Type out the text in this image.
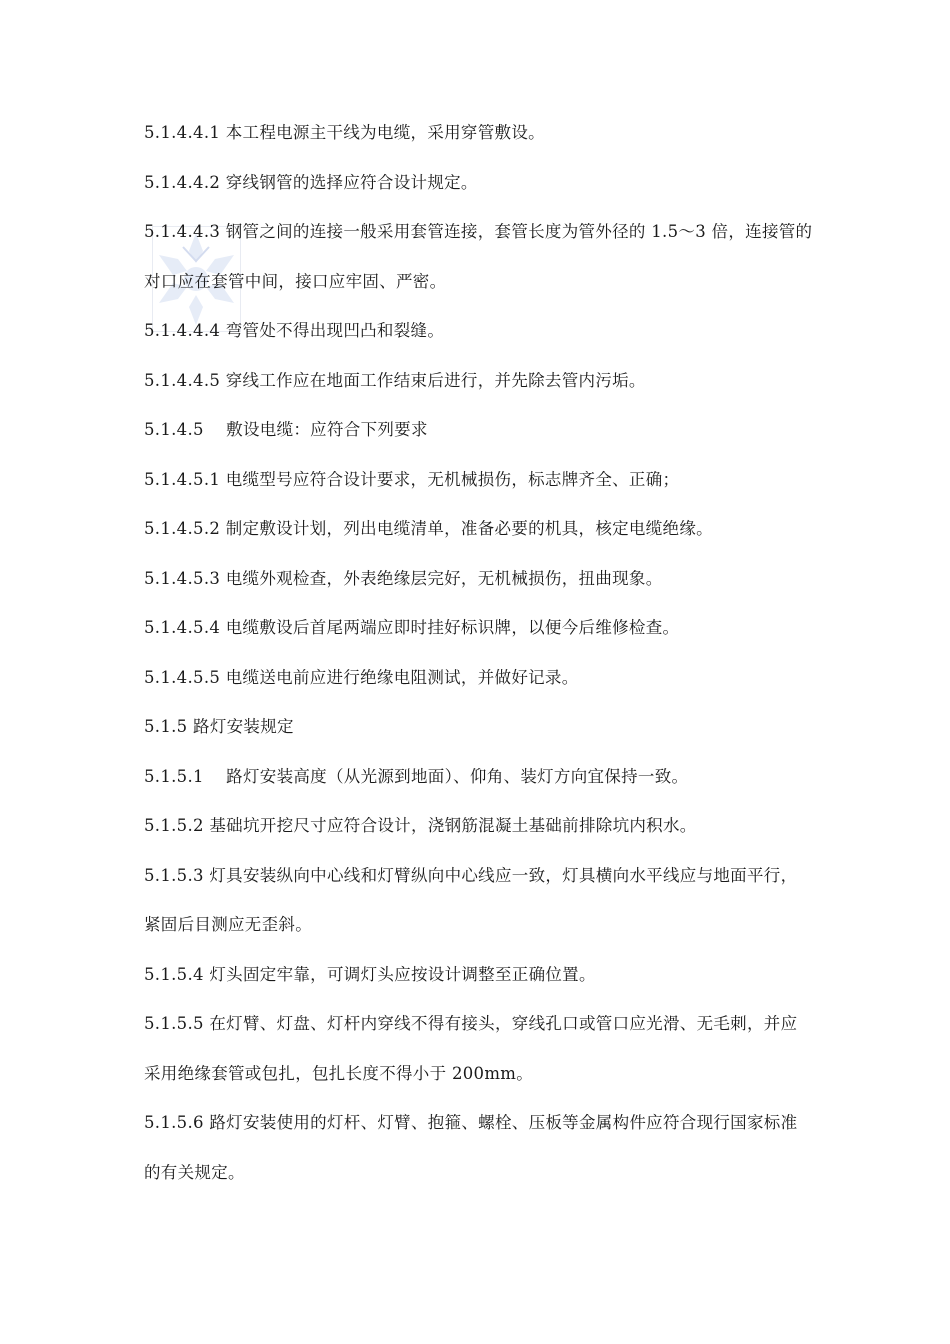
5.1.4.4.1 本工程电源主干线为电缆，采用穿管敷设。

5.1.4.4.2 穿线钢管的选择应符合设计规定。

5.1.4.4.3 钢管之间的连接一般采用套管连接，套管长度为管外径的 1.5～3 倍，连接管的对口应在套管中间，接口应牢固、严密。

5.1.4.4.4 弯管处不得出现凹凸和裂缝。

5.1.4.4.5 穿线工作应在地面工作结束后进行，并先除去管内污垢。

5.1.4.5　 敷设电缆：应符合下列要求

5.1.4.5.1 电缆型号应符合设计要求，无机械损伤，标志牌齐全、正确；

5.1.4.5.2 制定敷设计划，列出电缆清单，准备必要的机具，核定电缆绝缘。

5.1.4.5.3 电缆外观检查，外表绝缘层完好，无机械损伤，扭曲现象。

5.1.4.5.4 电缆敷设后首尾两端应即时挂好标识牌，以便今后维修检查。

5.1.4.5.5 电缆送电前应进行绝缘电阻测试，并做好记录。

5.1.5 路灯安装规定

5.1.5.1　 路灯安装高度（从光源到地面）、仰角、装灯方向宜保持一致。

5.1.5.2 基础坑开挖尺寸应符合设计，浇钢筋混凝土基础前排除坑内积水。

5.1.5.3 灯具安装纵向中心线和灯臂纵向中心线应一致，灯具横向水平线应与地面平行，紧固后目测应无歪斜。

5.1.5.4 灯头固定牢靠，可调灯头应按设计调整至正确位置。

5.1.5.5 在灯臂、灯盘、灯杆内穿线不得有接头，穿线孔口或管口应光滑、无毛刺，并应采用绝缘套管或包扎，包扎长度不得小于 200mm。

5.1.5.6 路灯安装使用的灯杆、灯臂、抱箍、螺栓、压板等金属构件应符合现行国家标准的有关规定。
